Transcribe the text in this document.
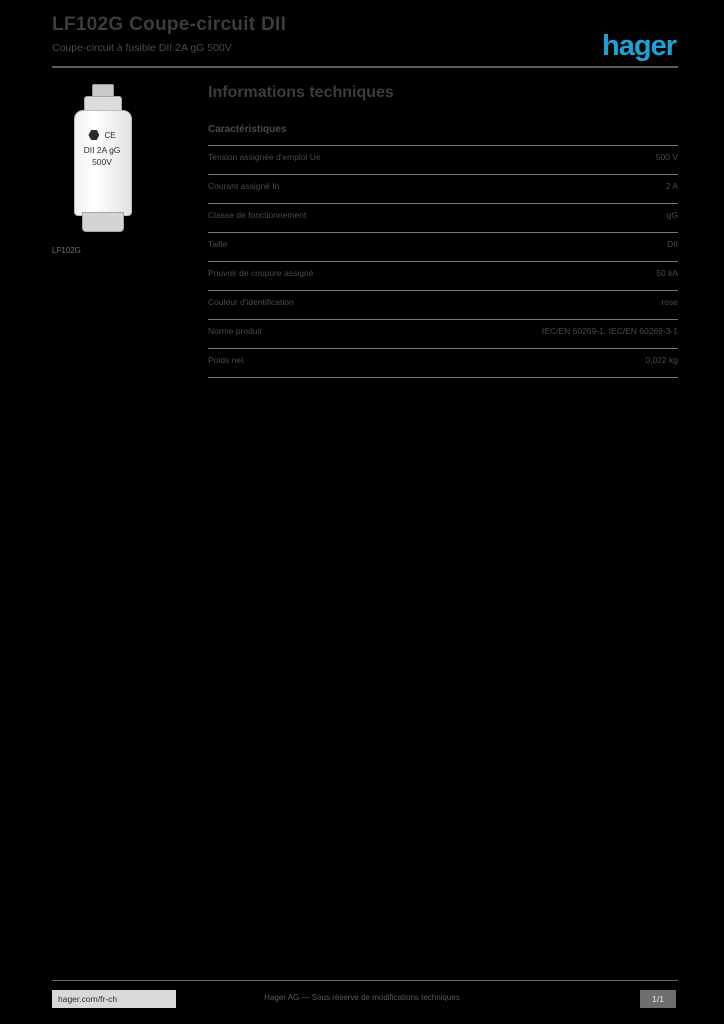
LF102G Coupe-circuit DII
Coupe-circuit à fusible DII 2A gG 500V	hager
CE
DII 2A gG
500V
LF102G
Informations techniques
Caractéristiques
Tension assignée d'emploi Ue	500 V
Courant assigné In	2 A
Classe de fonctionnement	gG
Taille	DII
Pouvoir de coupure assigné	50 kA
Couleur d'identification	rose
Norme produit	IEC/EN 60269-1, IEC/EN 60269-3-1
Poids net	0,022 kg
hager.com/fr-ch	Hager AG — Sous réserve de modifications techniques	1/1
